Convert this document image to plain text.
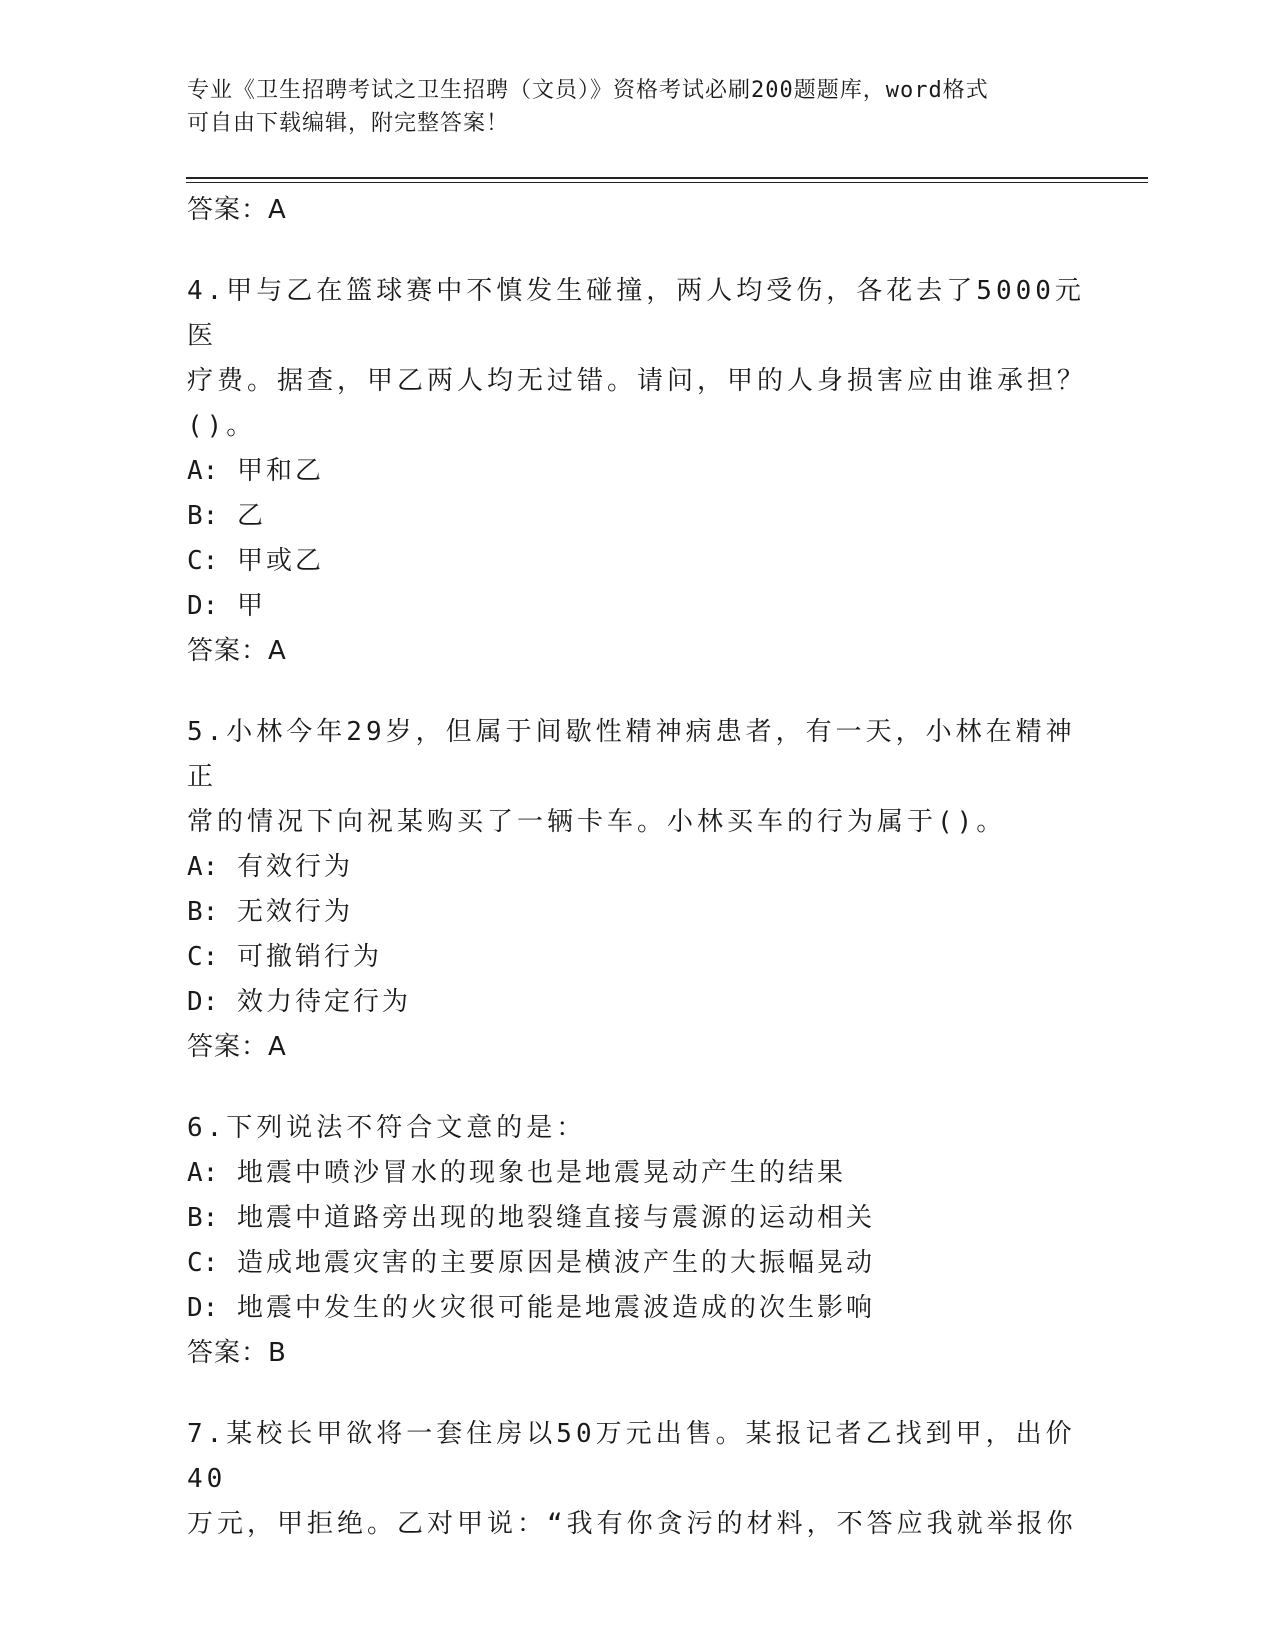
专业《卫生招聘考试之卫生招聘（文员）》资格考试必刷200题题库，word格式
可自由下载编辑，附完整答案！

答案：A

4.甲与乙在篮球赛中不慎发生碰撞，两人均受伤，各花去了5000元医

疗费。据查，甲乙两人均无过错。请问，甲的人身损害应由谁承担？

()。

A: 甲和乙

B: 乙

C: 甲或乙

D: 甲

答案：A

5.小林今年29岁，但属于间歇性精神病患者，有一天，小林在精神正

常的情况下向祝某购买了一辆卡车。小林买车的行为属于()。

A: 有效行为

B: 无效行为

C: 可撤销行为

D: 效力待定行为

答案：A

6.下列说法不符合文意的是：

A: 地震中喷沙冒水的现象也是地震晃动产生的结果

B: 地震中道路旁出现的地裂缝直接与震源的运动相关

C: 造成地震灾害的主要原因是横波产生的大振幅晃动

D: 地震中发生的火灾很可能是地震波造成的次生影响

答案：B

7.某校长甲欲将一套住房以50万元出售。某报记者乙找到甲，出价40

万元，甲拒绝。乙对甲说：“我有你贪污的材料，不答应我就举报你
